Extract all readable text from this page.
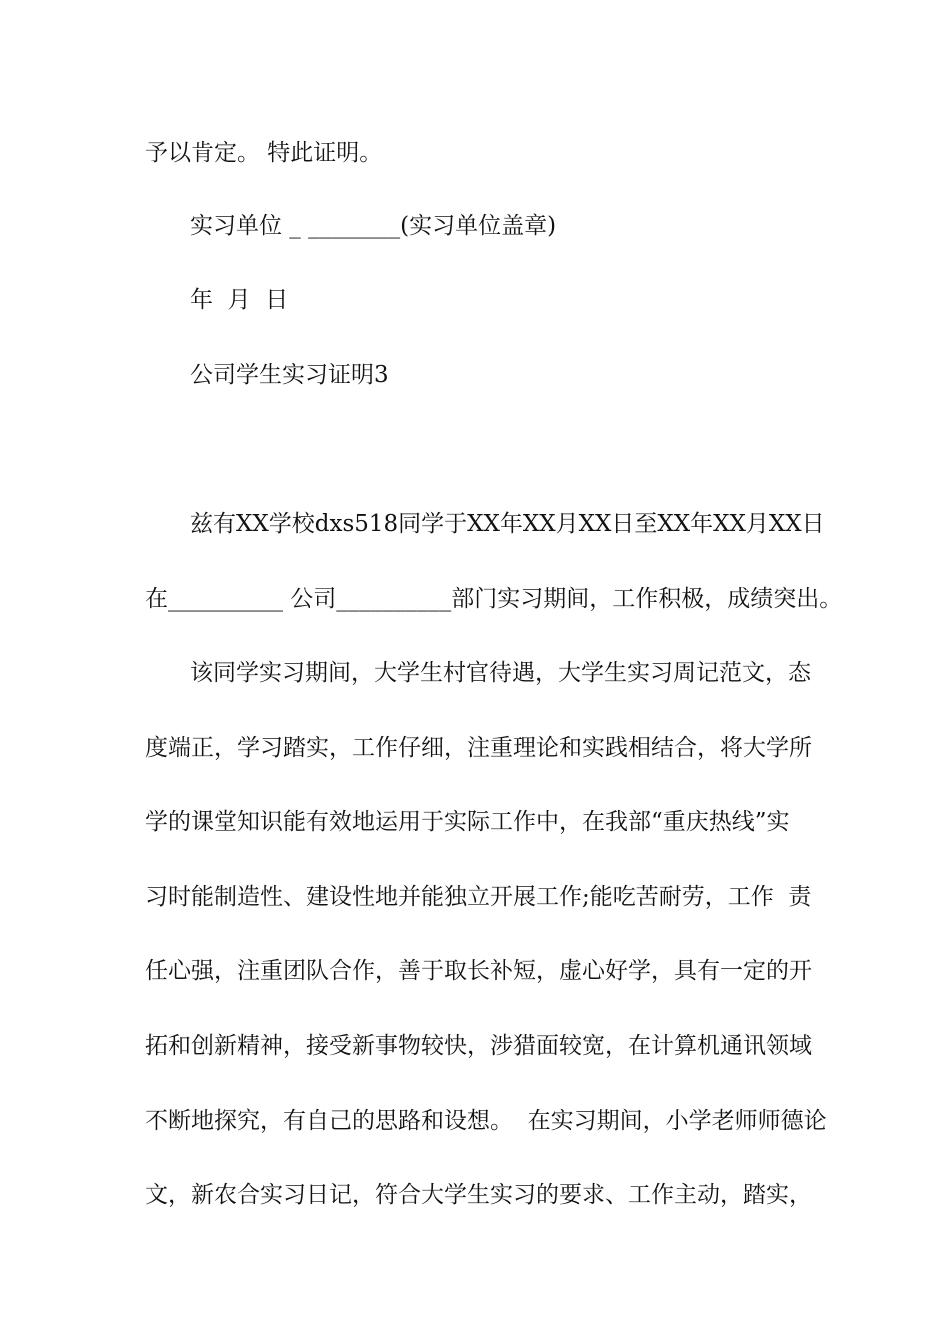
予以肯定。 特此证明。
实习单位 _ ________(实习单位盖章)
年  月  日
公司学生实习证明3
兹有XX学校dxs518同学于XX年XX月XX日至XX年XX月XX日
在__________ 公司__________部门实习期间，工作积极，成绩突出。
该同学实习期间，大学生村官待遇，大学生实习周记范文，态
度端正，学习踏实，工作仔细，注重理论和实践相结合，将大学所
学的课堂知识能有效地运用于实际工作中，在我部“重庆热线”实
习时能制造性、建设性地并能独立开展工作;能吃苦耐劳，工作  责
任心强，注重团队合作，善于取长补短，虚心好学，具有一定的开
拓和创新精神，接受新事物较快，涉猎面较宽，在计算机通讯领域
不断地探究，有自己的思路和设想。  在实习期间，小学老师师德论
文，新农合实习日记，符合大学生实习的要求、工作主动，踏实，
